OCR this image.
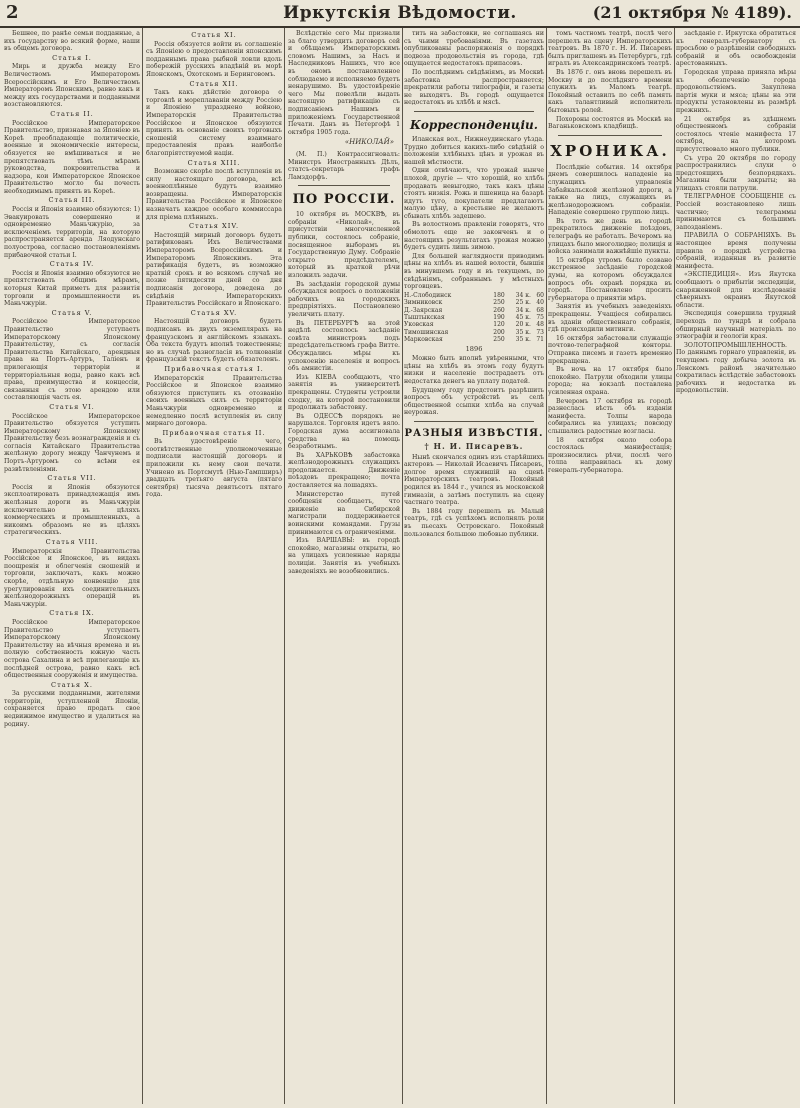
2	Иркутскія Вѣдомости.	(21 октября № 4189).

Бешнее, по ранѣе семьи подданные, а ихъ государству во всякий форме, наши въ общемъ договора.

Статья I.

Мирь и дружба между Его Величествомъ Императоромъ Всероссійскимъ и Его Величествомъ Императоромъ Японскимъ, равно какъ и между ихъ государствами и подданными возстановляются.

Статья II.

Россійское Императорское Правительство, признавая за Японіею въ Кореѣ преобладающіе политическіе, военные и экономическіе интересы, обязуется не вмѣшиваться и не препятствовать тѣмъ мѣрамъ руководства, покровительства и надзора, кои Императорское Японское Правительство могло бы почесть необходимымъ принять въ Кореѣ.

Статья III.

Россія и Японія взаимно обязуются: 1) Эвакуировать совершенно и одновременно Маньчжурію, за исключеніемъ территоріи, на которую распространяется аренда Ляодунскаго полуострова, согласно постановленіямъ прибавочной статьи I.

Статья IV.

Россія и Японія взаимно обязуются не препятствовать общимъ мѣрамъ, которыя Китай приметъ для развитія торговли и промышленности въ Маньчжуріи.

Статья V.

Россійское Императорское Правительство уступаетъ Императорскому Японскому Правительству, съ согласія Правительства Китайскаго, арендныя права на Портъ-Артуръ, Таліенъ и прилегающія территоріи и территоріальныя воды, равно какъ всѣ права, преимущества и концессіи, связанныя съ этою арендою или составляющія часть ея.

Статья VI.

Россійское Императорское Правительство обязуется уступить Императорскому Японскому Правительству безъ вознагражденія и съ согласія Китайскаго Правительства желѣзную дорогу между Чанчунемъ и Портъ-Артуромъ со всѣми ея развѣтвленіями.

Статья VII.

Россія и Японія обязуются эксплоатировать принадлежащія имъ желѣзныя дороги въ Маньчжуріи исключительно въ цѣляхъ коммерческихъ и промышленныхъ, а никоимъ образомъ не въ цѣляхъ стратегическихъ.

Статья VIII.

Императорскія Правительства Россійское и Японское, въ видахъ поощренія и облегченія сношеній и торговли, заключатъ, какъ можно скорѣе, отдѣльную конвенцію для урегулированія ихъ соединительныхъ желѣзнодорожныхъ операцій въ Маньчжуріи.

Статья IX.

Россійское Императорское Правительство уступаетъ Императорскому Японскому Правительству на вѣчныя времена и въ полную собственность южную часть острова Сахалина и всѣ прилегающіе къ послѣдней острова, равно какъ всѣ общественныя сооруженія и имущества.

Статья X.

За русскими подданными, жителями территоріи, уступленной Японіи, сохраняется право продать свое недвижимое имущество и удалиться на родину.

Статья XI.

Россія обязуется войти въ соглашеніе съ Японіею о предоставленіи японскимъ подданнымъ права рыбной ловли вдоль побережій русскихъ владѣній въ морѣ Японскомъ, Охотскомъ и Беринговомъ.

Статья XII.

Такъ какъ дѣйствіе договора о торговлѣ и мореплаваніи между Россіею и Японіею упразднено войною, Императорскія Правительства Россійское и Японское обязуются принять въ основаніе своихъ торговыхъ сношеній систему взаимнаго предоставленія правъ наиболѣе благопріятствуемой націи.

Статья XIII.

Возможно скорѣе послѣ вступленія въ силу настоящаго договора, всѣ военноплѣнные будутъ взаимно возвращены. Императорскія Правительства Россійское и Японское назначатъ каждое особаго коммиссара для пріема плѣнныхъ.

Статья XIV.

Настоящій мирный договоръ будетъ ратификованъ Ихъ Величествами Императоромъ Всероссійскимъ и Императоромъ Японскимъ. Эта ратификація будетъ, въ возможно краткій срокъ и во всякомъ случаѣ не позже пятидесяти дней со дня подписанія договора, доведена до свѣдѣнія Императорскихъ Правительствъ Россійскаго и Японскаго.

Статья XV.

Настоящій договоръ будетъ подписанъ въ двухъ экземплярахъ на французскомъ и англійскомъ языкахъ. Оба текста будутъ вполнѣ тожественны; но въ случаѣ разногласія въ толкованіи французскій текстъ будетъ обязателенъ.

Прибавочная статья I.

Императорскія Правительства Россійское и Японское взаимно обязуются приступить къ отозванію своихъ военныхъ силъ съ территоріи Маньчжуріи одновременно и немедленно послѣ вступленія въ силу мирнаго договора.

Прибавочная статья II.

Въ удостовѣреніе чего, соотвѣтственные уполномоченные подписали настоящій договоръ и приложили къ нему свои печати. Учинено въ Портсмутѣ (Нью-Гампширъ) двадцать третьяго августа (пятаго сентября) тысяча девятьсотъ пятаго года.

Вслѣдствіе сего Мы признали за благо утвердить договоръ сей и обѣщаемъ Императорскимъ словомъ Нашимъ, за Насъ и Наследниковъ Нашихъ, что все въ ономъ постановленное соблюдаемо и исполняемо будетъ ненарушимо. Въ удостовѣреніе чего Мы повелѣли выдать настоящую ратификацію съ подписаніемъ Нашимъ и приложеніемъ Государственной Печати. Данъ въ Петергофѣ 1 октября 1905 года.

«НИКОЛАЙ»

(М. П.) Контрассигновалъ: Министръ Иностранныхъ Дѣлъ, статсъ-секретарь графъ Ламздорфъ.

ПО РОССІИ.

10 октября въ МОСКВѢ, въ собраніи «Николай», въ присутствіи многочисленной публики, состоялось собраніе, посвященное выборамъ въ Государственную Думу. Собраніе открыто предсѣдателемъ, который въ краткой рѣчи изложилъ задачи.

Въ засѣданіи городской думы обсуждался вопросъ о положеніи рабочихъ на городскихъ предпріятіяхъ. Постановлено увеличить плату.

Въ ПЕТЕРБУРГѢ на этой недѣлѣ состоялось засѣданіе совѣта министровъ подъ предсѣдательствомъ графа Витте. Обсуждались мѣры къ успокоенію населенія и вопросъ объ амнистіи.

Изъ КІЕВА сообщаютъ, что занятія въ университетѣ прекращены. Студенты устроили сходку, на которой постановили продолжать забастовку.

Въ ОДЕССѢ порядокъ не нарушался. Торговля идетъ вяло. Городская дума ассигновала средства на помощь безработнымъ.

Въ ХАРЬКОВѢ забастовка желѣзнодорожныхъ служащихъ продолжается. Движеніе поѣздовъ прекращено; почта доставляется на лошадяхъ.

Министерство путей сообщенія сообщаетъ, что движеніе на Сибирской магистрали поддерживается воинскими командами. Грузы принимаются съ ограниченіями.

Изъ ВАРШАВЫ: въ городѣ спокойно, магазины открыты, но на улицахъ усиленные наряды полиціи. Занятія въ учебныхъ заведеніяхъ не возобновились.

тить на забастовки, не соглашаясь ни съ чьими требованіями. Въ газетахъ опубликованы распоряженія о порядкѣ подвоза продовольствія въ города, гдѣ ощущается недостатокъ припасовъ.

По послѣднимъ свѣдѣніямъ, въ Москвѣ забастовка распространяется; прекратили работы типографіи, и газеты не выходятъ. Въ городѣ ощущается недостатокъ въ хлѣбѣ и мясѣ.

Корреспонденціи.

Иланская вол., Нижнеудинскаго уѣзда. Трудно добиться какихъ-либо свѣдѣній о положеніи хлѣбныхъ цѣнъ и урожая въ нашей мѣстности.

Одни отвѣчаютъ, что урожай нынче плохой, другіе — что хорошій, но хлѣбъ продавать невыгодно, такъ какъ цѣны стоятъ низкія. Рожь и пшеница на базарѣ идутъ туго, покупатели предлагаютъ малую цѣну, а крестьяне не желаютъ сбывать хлѣбъ задешево.

Въ волостномъ правленіи говорятъ, что обмолотъ еще не законченъ и о настоящихъ результатахъ урожая можно будетъ судить лишь зимою.

Для большей наглядности приводимъ цѣны на хлѣбъ въ нашей волости, бывшія въ минувшемъ году и въ текущемъ, по свѣдѣніямъ, собраннымъ у мѣстныхъ торговцевъ.

Н.-Слободинск	180	34 к.	60
Зимниковск	250	25 к.	40
Д.-Заярская	260	34 к.	68
Тыштыкская	190	45 к.	75
Уковская	120	20 к.	48
Тимошинская	200	35 к.	73
Марковская	250	35 к.	71
1896

Можно быть вполнѣ увѣренными, что цѣны на хлѣбъ въ этомъ году будутъ низки и населеніе пострадаетъ отъ недостатка денегъ на уплату податей.

Будущему году предстоитъ разрѣшить вопросъ объ устройствѣ въ селѣ общественной ссыпки хлѣба на случай неурожая.

РАЗНЫЯ ИЗВѢСТІЯ.
† Н. И. Писаревъ.

Нынѣ скончался одинъ изъ старѣйшихъ актеровъ — Николай Исаевичъ Писаревъ, долгое время служившій на сценѣ Императорскихъ театровъ. Покойный родился въ 1844 г., учился въ московской гимназіи, а затѣмъ поступилъ на сцену частнаго театра.

Въ 1884 году перешелъ въ Малый театръ, гдѣ съ успѣхомъ исполнялъ роли въ пьесахъ Островскаго. Покойный пользовался большою любовью публики.

томъ частномъ театрѣ, послѣ чего перешелъ на сцену Императорскихъ театровъ. Въ 1870 г. Н. И. Писаревъ былъ приглашенъ въ Петербургъ, гдѣ игралъ въ Александринскомъ театрѣ.

Въ 1876 г. онъ вновь перешелъ въ Москву и до послѣдняго времени служилъ въ Маломъ театрѣ. Покойный оставилъ по себѣ память какъ талантливый исполнитель бытовыхъ ролей.

Похороны состоятся въ Москвѣ на Ваганьковскомъ кладбищѣ.

ХРОНИКА.

Послѣдніе события. 14 октября днемъ совершилось нападеніе на служащихъ управленія Забайкальской желѣзной дороги, а также на лицъ, служащихъ въ желѣзнодорожномъ собраніи. Нападеніе совершено группою лицъ.

Въ тотъ же день въ городѣ прекратилось движеніе поѣздовъ, телеграфъ не работалъ. Вечеромъ на улицахъ было многолюдно; полиція и войска занимали важнѣйшіе пункты.

15 октября утромъ было созвано экстренное засѣданіе городской думы, на которомъ обсуждался вопросъ объ охранѣ порядка въ городѣ. Постановлено просить губернатора о принятіи мѣръ.

Занятія въ учебныхъ заведеніяхъ прекращены. Учащіеся собирались въ зданіи общественнаго собранія, гдѣ происходили митинги.

16 октября забастовали служащіе почтово-телеграфной конторы. Отправка писемъ и газетъ временно прекращена.

Въ ночь на 17 октября было спокойно. Патрули обходили улицы города; на вокзалѣ поставлена усиленная охрана.

Вечеромъ 17 октября въ городѣ разнеслась вѣсть объ изданіи манифеста. Толпы народа собирались на улицахъ; повсюду слышались радостные возгласы.

18 октября около собора состоялась манифестація; произносились рѣчи, послѣ чего толпа направилась къ дому генералъ-губернатора.

засѣданіе г. Иркутска обратиться къ генералъ-губернатору съ просьбою о разрѣшеніи свободныхъ собраній и объ освобожденіи арестованныхъ.

Городская управа приняла мѣры къ обезпеченію города продовольствіемъ. Закуплена партія муки и мяса; цѣны на эти продукты установлены въ размѣрѣ прежнихъ.

21 октября въ здѣшнемъ общественномъ собраніи состоялось чтеніе манифеста 17 октября, на которомъ присутствовало много публики.

Съ утра 20 октября по городу распространились слухи о предстоящихъ безпорядкахъ. Магазины были закрыты; на улицахъ стояли патрули.

ТЕЛЕГРАФНОЕ СООБЩЕНІЕ съ Россіей возстановлено лишь частично; телеграммы принимаются съ большимъ запозданіемъ.

ПРАВИЛА О СОБРАНІЯХЪ. Въ настоящее время получены правила о порядкѣ устройства собраній, изданныя въ развитіе манифеста.

«ЭКСПЕДИЦІЯ». Изъ Якутска сообщаютъ о прибытіи экспедиціи, снаряженной для изслѣдованія сѣверныхъ окраинъ Якутской области.

Экспедиція совершила трудный переходъ по тундрѣ и собрала обширный научный матеріалъ по этнографіи и геологіи края.

ЗОЛОТОПРОМЫШЛЕННОСТЬ. По даннымъ горнаго управленія, въ текущемъ году добыча золота въ Ленскомъ районѣ значительно сократилась вслѣдствіе забастовокъ рабочихъ и недостатка въ продовольствіи.
